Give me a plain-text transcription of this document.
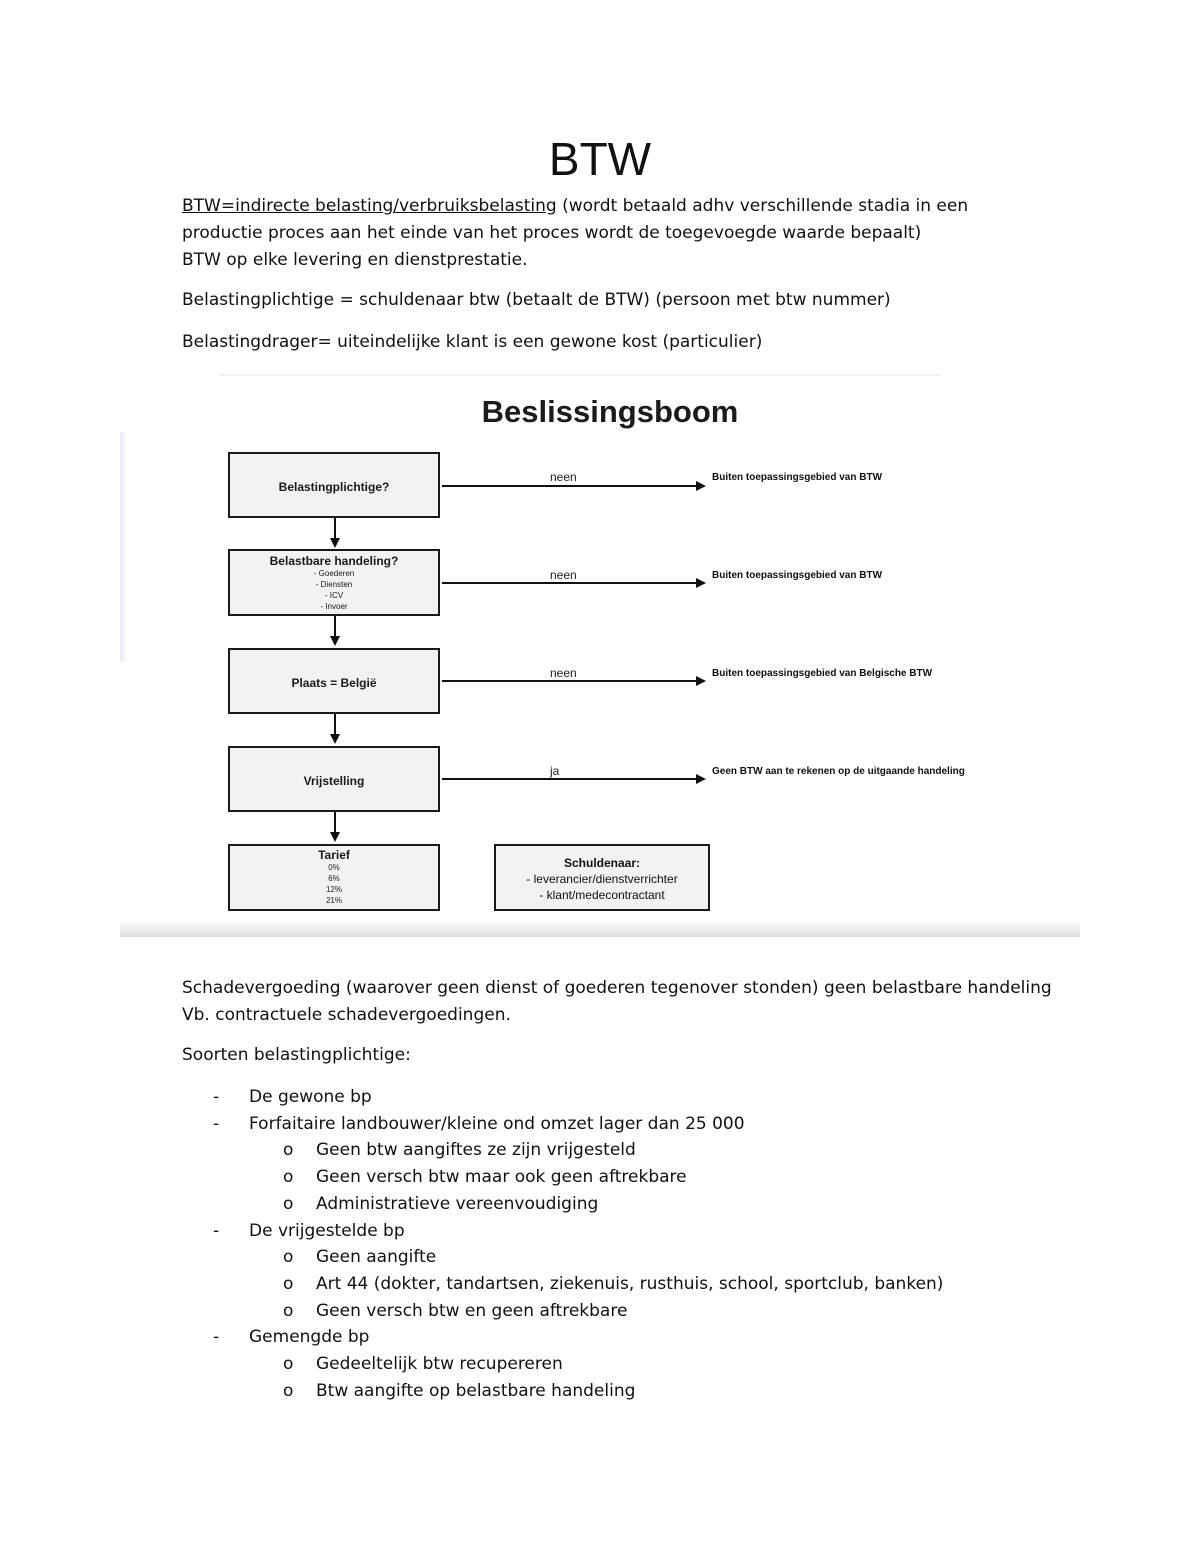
BTW

BTW=indirecte belasting/verbruiksbelasting (wordt betaald adhv verschillende stadia in een

productie proces aan het einde van het proces wordt de toegevoegde waarde bepaalt)

BTW op elke levering en dienstprestatie.

Belastingplichtige = schuldenaar btw (betaalt de BTW) (persoon met btw nummer)

Belastingdrager= uiteindelijke klant is een gewone kost (particulier)

Beslissingsboom
Belastingplichtige?
neen	Buiten toepassingsgebied van BTW
Belastbare handeling?
- Goederen
- Diensten
- ICV
- Invoer
neen	Buiten toepassingsgebied van BTW
Plaats = België
neen	Buiten toepassingsgebied van Belgische BTW
Vrijstelling
ja	Geen BTW aan te rekenen op de uitgaande handeling
Tarief
0%
6%
12%
21%
Schuldenaar:
- leverancier/dienstverrichter
- klant/medecontractant

Schadevergoeding (waarover geen dienst of goederen tegenover stonden) geen belastbare handeling

Vb. contractuele schadevergoedingen.

Soorten belastingplichtige:

- De gewone bp
- Forfaitaire landbouwer/kleine ond omzet lager dan 25 000
o Geen btw aangiftes ze zijn vrijgesteld
o Geen versch btw maar ook geen aftrekbare
o Administratieve vereenvoudiging
- De vrijgestelde bp
o Geen aangifte
o Art 44 (dokter, tandartsen, ziekenuis, rusthuis, school, sportclub, banken)
o Geen versch btw en geen aftrekbare
- Gemengde bp
o Gedeeltelijk btw recupereren
o Btw aangifte op belastbare handeling
